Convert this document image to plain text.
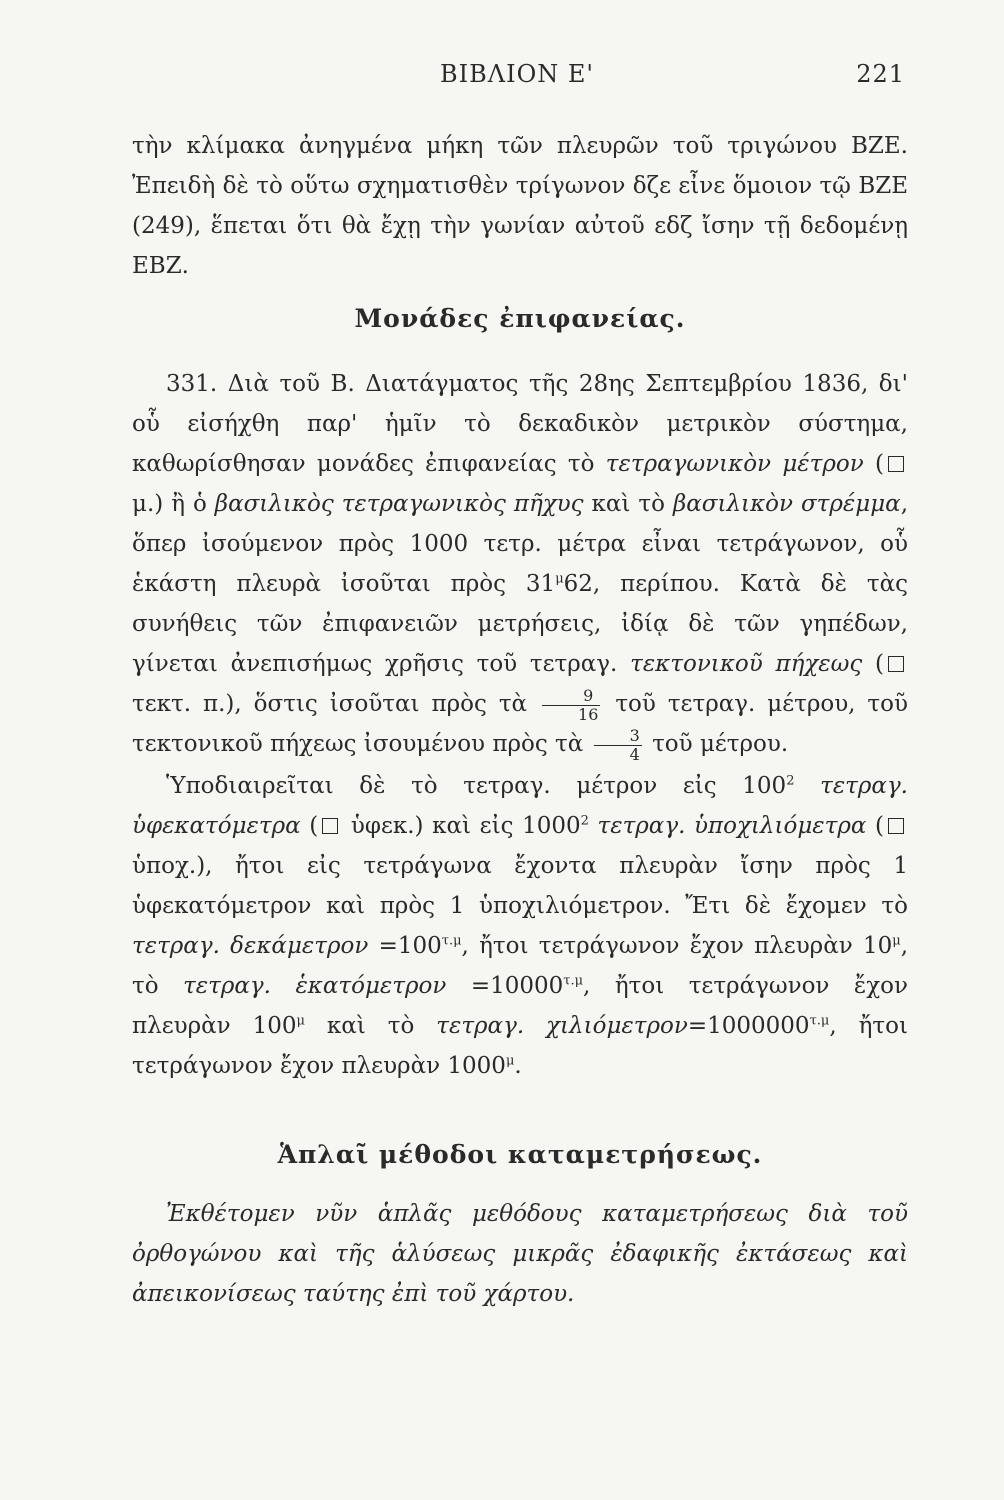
ΒΙΒΛΙΟΝ Ε'	221

τὴν κλίμακα ἀνηγμένα μήκη τῶν πλευρῶν τοῦ τριγώνου ΒΖΕ. Ἐπειδὴ δὲ τὸ οὕτω σχηματισθὲν τρίγωνον δζε εἶνε ὅμοιον τῷ ΒΖΕ (249), ἕπεται ὅτι θὰ ἔχῃ τὴν γωνίαν αὐτοῦ εδζ ἴσην τῇ δεδομένῃ ΕΒΖ.

Μονάδες ἐπιφανείας.

331. Διὰ τοῦ Β. Διατάγματος τῆς 28ης Σεπτεμβρίου 1836, δι' οὗ εἰσήχθη παρ' ἡμῖν τὸ δεκαδικὸν μετρικὸν σύστημα, καθωρίσθησαν μονάδες ἐπιφανείας τὸ τετραγωνικὸν μέτρον ( μ.) ἢ ὁ βασιλικὸς τετραγωνικὸς πῆχυς καὶ τὸ βασιλικὸν στρέμμα, ὅπερ ἰσούμενον πρὸς 1000 τετρ. μέτρα εἶναι τετράγωνον, οὗ ἑκάστη πλευρὰ ἰσοῦται πρὸς $31^\mu 62$, περίπου. Κατὰ δὲ τὰς συνήθεις τῶν ἐπιφανειῶν μετρήσεις, ἰδίᾳ δὲ τῶν γηπέδων, γίνεται ἀνεπισήμως χρῆσις τοῦ τετραγ. τεκτονικοῦ πήχεως ( τεκτ. π.), ὅστις ἰσοῦται πρὸς τὰ $\frac{9}{16}$ τοῦ τετραγ. μέτρου, τοῦ τεκτονικοῦ πήχεως ἰσουμένου πρὸς τὰ $\frac{3}{4}$ τοῦ μέτρου.

Ὑποδιαιρεῖται δὲ τὸ τετραγ. μέτρον εἰς $100^2$ τετραγ. ὑφεκατόμετρα ( ὑφεκ.) καὶ εἰς 1000$^2$ τετραγ. ὑποχιλιόμετρα ( ὑποχ.), ἤτοι εἰς τετράγωνα ἔχοντα πλευρὰν ἴσην πρὸς 1 ὑφεκατόμετρον καὶ πρὸς 1 ὑποχιλιόμετρον. Ἔτι δὲ ἔχομεν τὸ τετραγ. $\delta\varepsilon\kappa ά\mu\varepsilon\tau\rho o\nu =100^{\tau.\mu}$, ἤτοι τετράγωνον ἔχον πλευρὰν $10^\mu$, τὸ τετραγ. ἑκατόμετρον $=10000^{\tau.\mu}$, ἤτοι τετράγωνον ἔχον πλευρὰν $100^\mu$ καὶ τὸ τετραγ. $\chi\iota\lambda\iota ό\mu\varepsilon\tau\rho o\nu=1000000^{\tau.\mu}$, ἤτοι τετράγωνον ἔχον πλευρὰν $1000^\mu$.

Ἁπλαῖ μέθοδοι καταμετρήσεως.

Ἐκθέτομεν νῦν ἁπλᾶς μεθόδους καταμετρήσεως διὰ τοῦ ὀρθογώνου καὶ τῆς ἁλύσεως μικρᾶς ἐδαφικῆς ἐκτάσεως καὶ ἀπεικονίσεως ταύτης ἐπὶ τοῦ χάρτου.
